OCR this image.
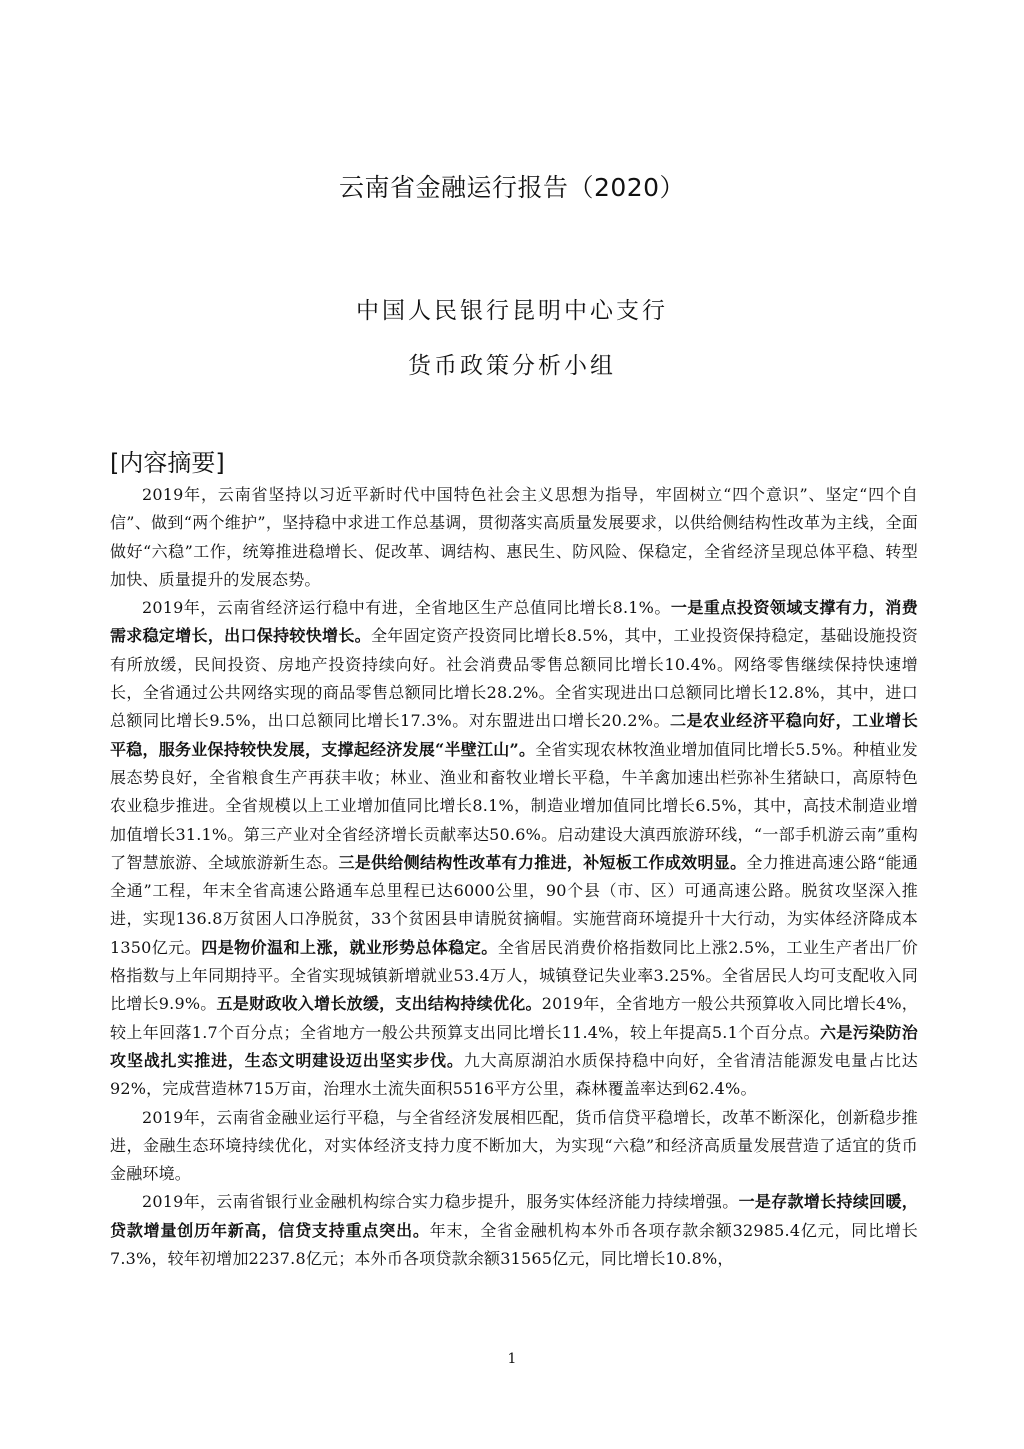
云南省金融运行报告（2020）
中国人民银行昆明中心支行
货币政策分析小组
[内容摘要]

2019年，云南省坚持以习近平新时代中国特色社会主义思想为指导，牢固树立“四个意识”、坚定“四个自信”、做到“两个维护”，坚持稳中求进工作总基调，贯彻落实高质量发展要求，以供给侧结构性改革为主线，全面做好“六稳”工作，统筹推进稳增长、促改革、调结构、惠民生、防风险、保稳定，全省经济呈现总体平稳、转型加快、质量提升的发展态势。

2019年，云南省经济运行稳中有进，全省地区生产总值同比增长8.1%。一是重点投资领域支撑有力，消费需求稳定增长，出口保持较快增长。全年固定资产投资同比增长8.5%，其中，工业投资保持稳定，基础设施投资有所放缓，民间投资、房地产投资持续向好。社会消费品零售总额同比增长10.4%。网络零售继续保持快速增长，全省通过公共网络实现的商品零售总额同比增长28.2%。全省实现进出口总额同比增长12.8%，其中，进口总额同比增长9.5%，出口总额同比增长17.3%。对东盟进出口增长20.2%。二是农业经济平稳向好，工业增长平稳，服务业保持较快发展，支撑起经济发展“半壁江山”。全省实现农林牧渔业增加值同比增长5.5%。种植业发展态势良好，全省粮食生产再获丰收；林业、渔业和畜牧业增长平稳，牛羊禽加速出栏弥补生猪缺口，高原特色农业稳步推进。全省规模以上工业增加值同比增长8.1%，制造业增加值同比增长6.5%，其中，高技术制造业增加值增长31.1%。第三产业对全省经济增长贡献率达50.6%。启动建设大滇西旅游环线，“一部手机游云南”重构了智慧旅游、全域旅游新生态。三是供给侧结构性改革有力推进，补短板工作成效明显。全力推进高速公路“能通全通”工程，年末全省高速公路通车总里程已达6000公里，90个县（市、区）可通高速公路。脱贫攻坚深入推进，实现136.8万贫困人口净脱贫，33个贫困县申请脱贫摘帽。实施营商环境提升十大行动，为实体经济降成本1350亿元。四是物价温和上涨，就业形势总体稳定。全省居民消费价格指数同比上涨2.5%，工业生产者出厂价格指数与上年同期持平。全省实现城镇新增就业53.4万人，城镇登记失业率3.25%。全省居民人均可支配收入同比增长9.9%。五是财政收入增长放缓，支出结构持续优化。2019年，全省地方一般公共预算收入同比增长4%，较上年回落1.7个百分点；全省地方一般公共预算支出同比增长11.4%，较上年提高5.1个百分点。六是污染防治攻坚战扎实推进，生态文明建设迈出坚实步伐。九大高原湖泊水质保持稳中向好，全省清洁能源发电量占比达92%，完成营造林715万亩，治理水土流失面积5516平方公里，森林覆盖率达到62.4%。

2019年，云南省金融业运行平稳，与全省经济发展相匹配，货币信贷平稳增长，改革不断深化，创新稳步推进，金融生态环境持续优化，对实体经济支持力度不断加大，为实现“六稳”和经济高质量发展营造了适宜的货币金融环境。

2019年，云南省银行业金融机构综合实力稳步提升，服务实体经济能力持续增强。一是存款增长持续回暖，贷款增量创历年新高，信贷支持重点突出。年末，全省金融机构本外币各项存款余额32985.4亿元，同比增长7.3%，较年初增加2237.8亿元；本外币各项贷款余额31565亿元，同比增长10.8%，

1
